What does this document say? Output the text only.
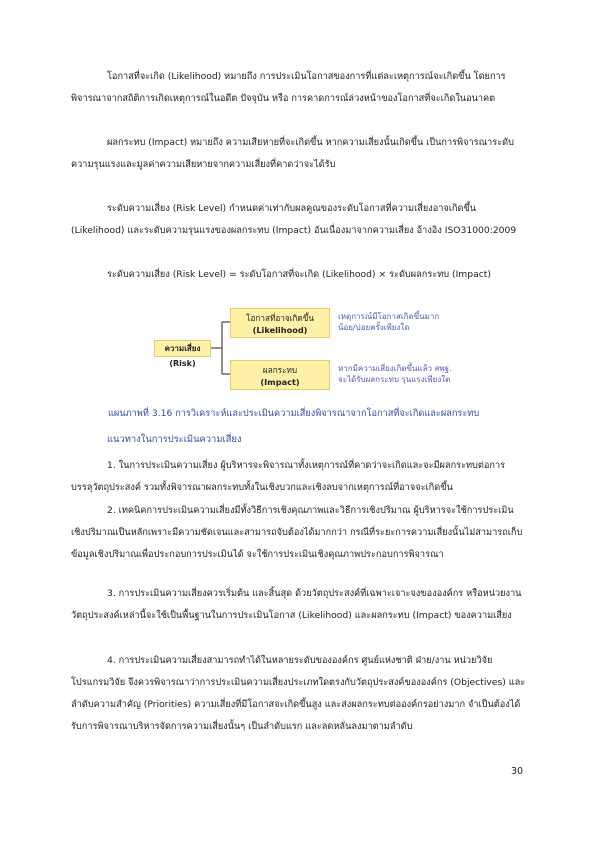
โอกาสที่จะเกิด (Likelihood) หมายถึง การประเมินโอกาสของการที่แต่ละเหตุการณ์จะเกิดขึ้น โดยการพิจารณาจากสถิติการเกิดเหตุการณ์ในอดีต ปัจจุบัน หรือ การคาดการณ์ล่วงหน้าของโอกาสที่จะเกิดในอนาคต

ผลกระทบ (Impact) หมายถึง ความเสียหายที่จะเกิดขึ้น หากความเสี่ยงนั้นเกิดขึ้น เป็นการพิจารณาระดับความรุนแรงและมูลค่าความเสียหายจากความเสี่ยงที่คาดว่าจะได้รับ

ระดับความเสี่ยง (Risk Level) กำหนดค่าเท่ากับผลคูณของระดับโอกาสที่ความเสี่ยงอาจเกิดขึ้น (Likelihood) และระดับความรุนแรงของผลกระทบ (Impact) อันเนื่องมาจากความเสี่ยง อ้างอิง ISO31000:2009

ระดับความเสี่ยง (Risk Level) = ระดับโอกาสที่จะเกิด (Likelihood) × ระดับผลกระทบ (Impact)

ความเสี่ยง (Risk)
โอกาสที่อาจเกิดขึ้น
(Likelihood)
ผลกระทบ
(Impact)
เหตุการณ์มีโอกาสเกิดขึ้นมาก น้อย/บ่อยครั้งเพียงใด
หากมีความเสี่ยงเกิดขึ้นแล้ว สพฐ. จะได้รับผลกระทบ รุนแรงเพียงใด
แผนภาพที่ 3.16 การวิเคราะห์และประเมินความเสี่ยงพิจารณาจากโอกาสที่จะเกิดและผลกระทบ
แนวทางในการประเมินความเสี่ยง

1. ในการประเมินความเสี่ยง ผู้บริหารจะพิจารณาทั้งเหตุการณ์ที่คาดว่าจะเกิดและจะมีผลกระทบต่อการบรรลุวัตถุประสงค์ รวมทั้งพิจารณาผลกระทบทั้งในเชิงบวกและเชิงลบจากเหตุการณ์ที่อาจจะเกิดขึ้น

2. เทคนิคการประเมินความเสี่ยงมีทั้งวิธีการเชิงคุณภาพและวิธีการเชิงปริมาณ ผู้บริหารจะใช้การประเมินเชิงปริมาณเป็นหลักเพราะมีความชัดเจนและสามารถจับต้องได้มากกว่า กรณีที่ระยะการความเสี่ยงนั้นไม่สามารถเก็บข้อมูลเชิงปริมาณเพื่อประกอบการประเมินได้ จะใช้การประเมินเชิงคุณภาพประกอบการพิจารณา

3. การประเมินความเสี่ยงควรเริ่มต้น และสิ้นสุด ด้วยวัตถุประสงค์ที่เฉพาะเจาะจงขององค์กร หรือหน่วยงาน วัตถุประสงค์เหล่านี้จะใช้เป็นพื้นฐานในการประเมินโอกาส (Likelihood) และผลกระทบ (Impact) ของความเสี่ยง

4. การประเมินความเสี่ยงสามารถทำได้ในหลายระดับขององค์กร ศูนย์แห่งชาติ ฝ่าย/งาน หน่วยวิจัย โปรแกรมวิจัย จึงควรพิจารณาว่าการประเมินความเสี่ยงประเภทใดตรงกับวัตถุประสงค์ขององค์กร (Objectives) และลำดับความสำคัญ (Priorities) ความเสี่ยงที่มีโอกาสจะเกิดขึ้นสูง และส่งผลกระทบต่อองค์กรอย่างมาก จำเป็นต้องได้รับการพิจารณาบริหารจัดการความเสี่ยงนั้นๆ เป็นลำดับแรก และลดหลั่นลงมาตามลำดับ

30
